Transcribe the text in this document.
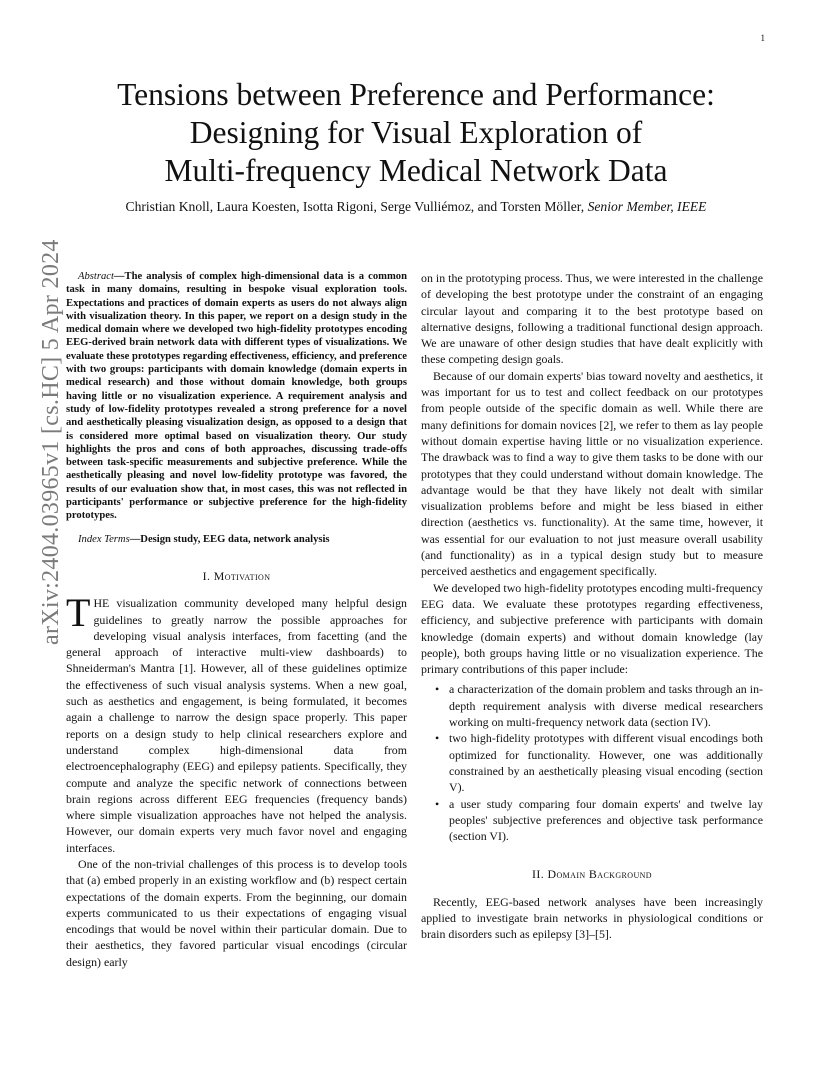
1
arXiv:2404.03965v1 [cs.HC] 5 Apr 2024
Tensions between Preference and Performance:
Designing for Visual Exploration of
Multi-frequency Medical Network Data
Christian Knoll, Laura Koesten, Isotta Rigoni, Serge Vulliémoz, and Torsten Möller, Senior Member, IEEE

Abstract—The analysis of complex high-dimensional data is a common task in many domains, resulting in bespoke visual exploration tools. Expectations and practices of domain experts as users do not always align with visualization theory. In this paper, we report on a design study in the medical domain where we developed two high-fidelity prototypes encoding EEG-derived brain network data with different types of visualizations. We evaluate these prototypes regarding effectiveness, efficiency, and preference with two groups: participants with domain knowledge (domain experts in medical research) and those without domain knowledge, both groups having little or no visualization experience. A requirement analysis and study of low-fidelity prototypes revealed a strong preference for a novel and aesthetically pleasing visualization design, as opposed to a design that is considered more optimal based on visualization theory. Our study highlights the pros and cons of both approaches, discussing trade-offs between task-specific measurements and subjective preference. While the aesthetically pleasing and novel low-fidelity prototype was favored, the results of our evaluation show that, in most cases, this was not reflected in participants' performance or subjective preference for the high-fidelity prototypes.

Index Terms—Design study, EEG data, network analysis

I. Motivation

THE visualization community developed many helpful design guidelines to greatly narrow the possible approaches for developing visual analysis interfaces, from facetting (and the general approach of interactive multi-view dashboards) to Shneiderman's Mantra [1]. However, all of these guidelines optimize the effectiveness of such visual analysis systems. When a new goal, such as aesthetics and engagement, is being formulated, it becomes again a challenge to narrow the design space properly. This paper reports on a design study to help clinical researchers explore and understand complex high-dimensional data from electroencephalography (EEG) and epilepsy patients. Specifically, they compute and analyze the specific network of connections between brain regions across different EEG frequencies (frequency bands) where simple visualization approaches have not helped the analysis. However, our domain experts very much favor novel and engaging interfaces.

One of the non-trivial challenges of this process is to develop tools that (a) embed properly in an existing workflow and (b) respect certain expectations of the domain experts. From the beginning, our domain experts communicated to us their expectations of engaging visual encodings that would be novel within their particular domain. Due to their aesthetics, they favored particular visual encodings (circular design) early

on in the prototyping process. Thus, we were interested in the challenge of developing the best prototype under the constraint of an engaging circular layout and comparing it to the best prototype based on alternative designs, following a traditional functional design approach. We are unaware of other design studies that have dealt explicitly with these competing design goals.

Because of our domain experts' bias toward novelty and aesthetics, it was important for us to test and collect feedback on our prototypes from people outside of the specific domain as well. While there are many definitions for domain novices [2], we refer to them as lay people without domain expertise having little or no visualization experience. The drawback was to find a way to give them tasks to be done with our prototypes that they could understand without domain knowledge. The advantage would be that they have likely not dealt with similar visualization problems before and might be less biased in either direction (aesthetics vs. functionality). At the same time, however, it was essential for our evaluation to not just measure overall usability (and functionality) as in a typical design study but to measure perceived aesthetics and engagement specifically.

We developed two high-fidelity prototypes encoding multi-frequency EEG data. We evaluate these prototypes regarding effectiveness, efficiency, and subjective preference with participants with domain knowledge (domain experts) and without domain knowledge (lay people), both groups having little or no visualization experience. The primary contributions of this paper include:

• a characterization of the domain problem and tasks through an in-depth requirement analysis with diverse medical researchers working on multi-frequency network data (section IV).
• two high-fidelity prototypes with different visual encodings both optimized for functionality. However, one was additionally constrained by an aesthetically pleasing visual encoding (section V).
• a user study comparing four domain experts' and twelve lay peoples' subjective preferences and objective task performance (section VI).
II. Domain Background

Recently, EEG-based network analyses have been increasingly applied to investigate brain networks in physiological conditions or brain disorders such as epilepsy [3]–[5].
